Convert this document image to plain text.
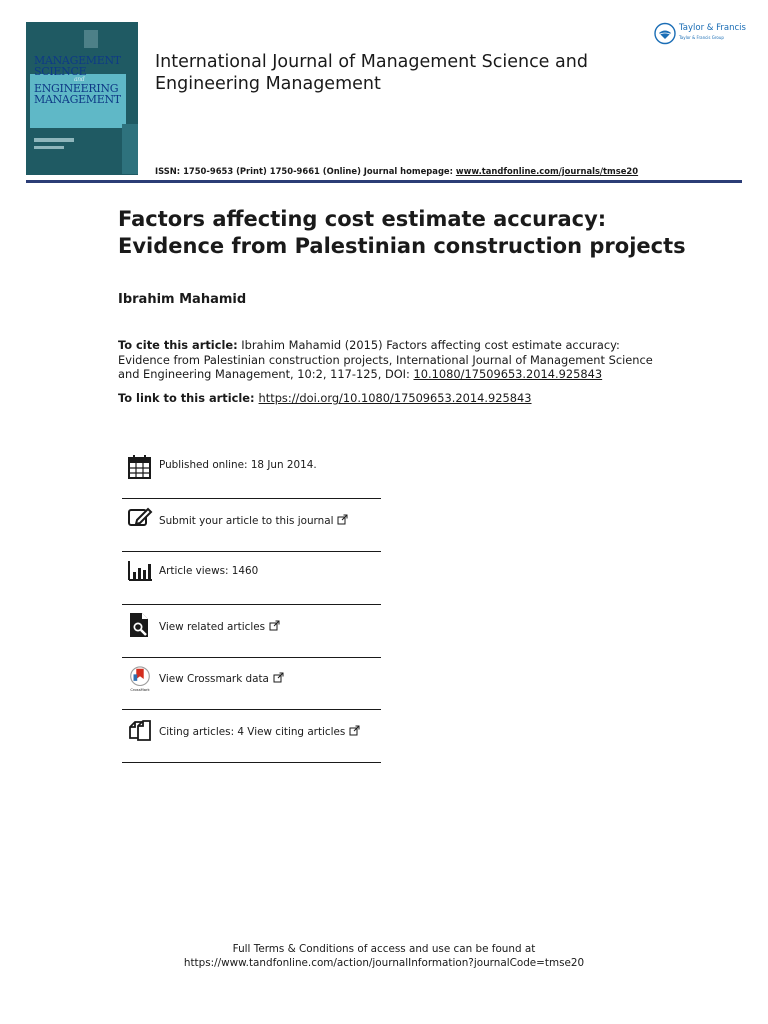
MANAGEMENT
SCIENCE
and
ENGINEERING
MANAGEMENT
International Journal of Management Science and Engineering Management
Taylor & Francis
Taylor & Francis Group
ISSN: 1750-9653 (Print) 1750-9661 (Online) Journal homepage: www.tandfonline.com/journals/tmse20
Factors affecting cost estimate accuracy: Evidence from Palestinian construction projects
Ibrahim Mahamid
To cite this article: Ibrahim Mahamid (2015) Factors affecting cost estimate accuracy: Evidence from Palestinian construction projects, International Journal of Management Science and Engineering Management, 10:2, 117-125, DOI: 10.1080/17509653.2014.925843
To link to this article: https://doi.org/10.1080/17509653.2014.925843
Published online: 18 Jun 2014.
Submit your article to this journal
Article views: 1460
View related articles
CrossMark
View Crossmark data
Citing articles: 4 View citing articles
Full Terms & Conditions of access and use can be found at
https://www.tandfonline.com/action/journalInformation?journalCode=tmse20
